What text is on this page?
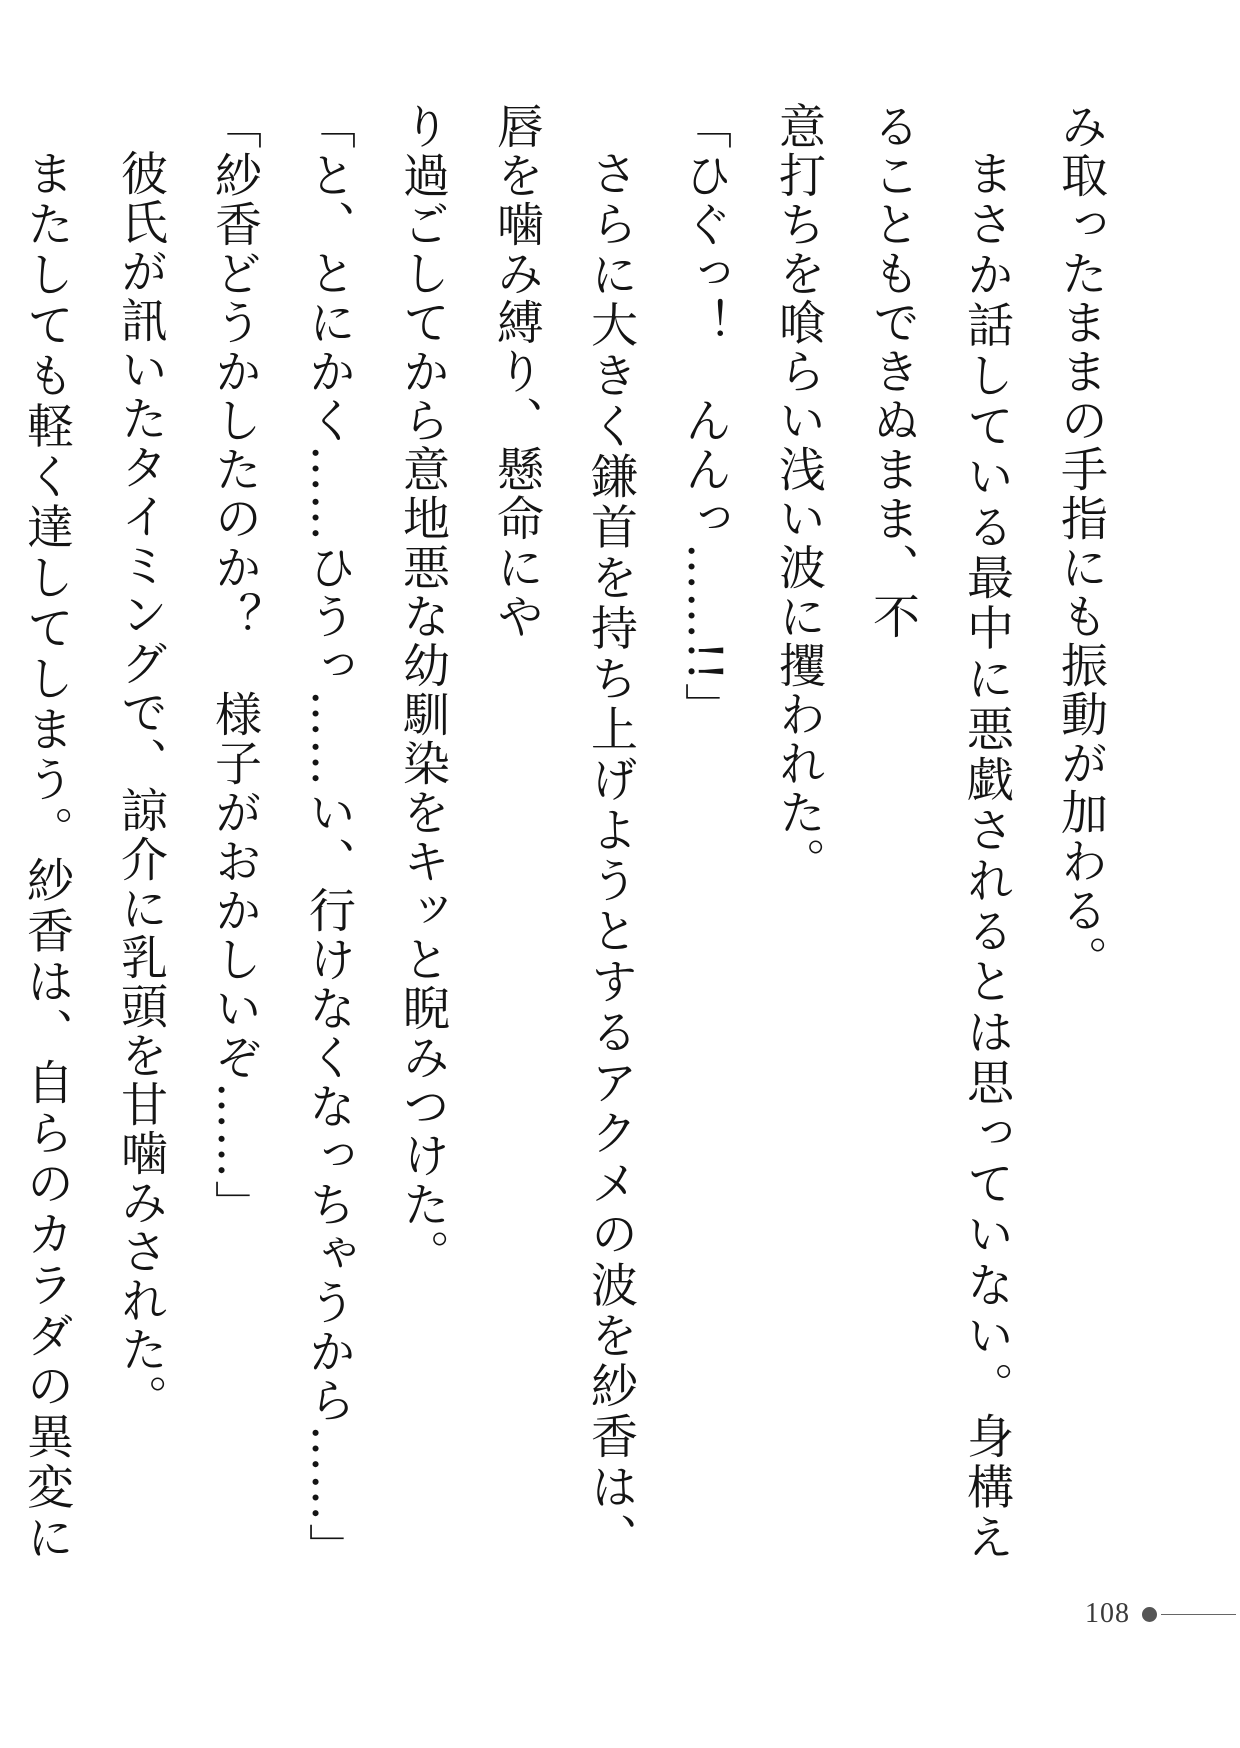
み取ったままの手指にも振動が加わる。

まさか話している最中に悪戯されるとは思っていない。身構えることもできぬまま、不

意打ちを喰らい浅い波に攫われた。

「ひぐっ！　んんっ……!!」

さらに大きく鎌首を持ち上げようとするアクメの波を紗香は、唇を噛み縛り、懸命にや

り過ごしてから意地悪な幼馴染をキッと睨みつけた。

「と、とにかく……ひうっ……い、行けなくなっちゃうから……」

「紗香どうかしたのか？　様子がおかしいぞ……」

彼氏が訊いたタイミングで、諒介に乳頭を甘噛みされた。

またしても軽く達してしまう。紗香は、自らのカラダの異変に

108
